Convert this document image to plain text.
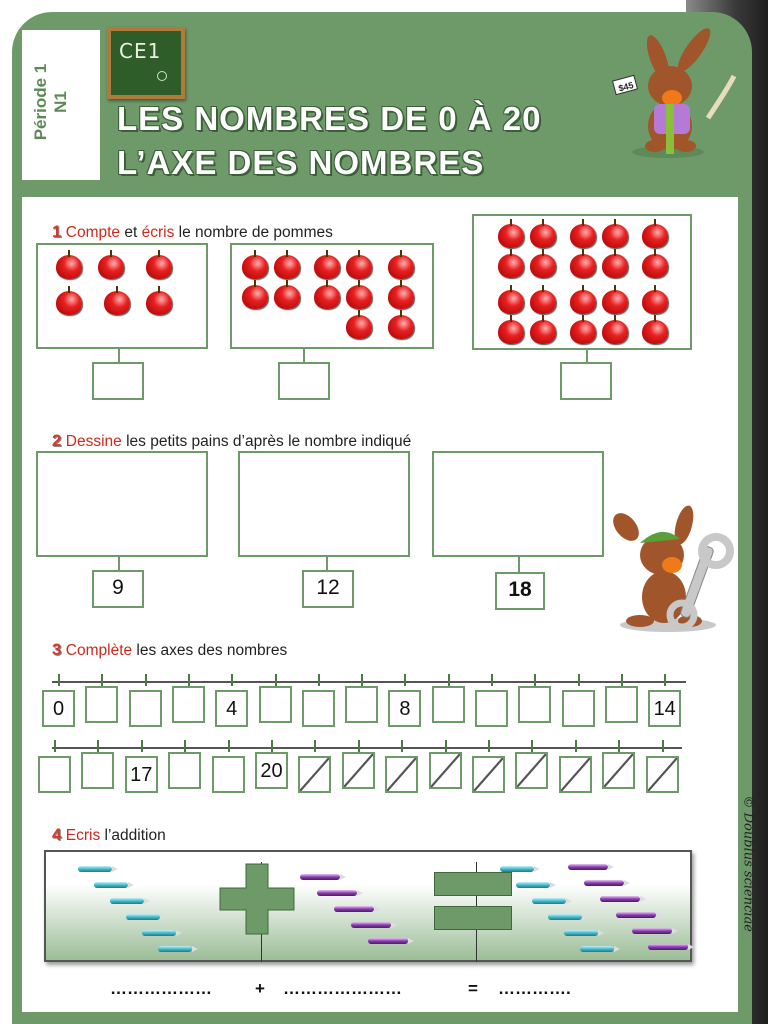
Période 1 N1
CE1
LES NOMBRES DE 0 À 20
L’AXE DES NOMBRES
$45
1 Compte et écris le nombre de pommes
2 Dessine les petits pains d’après le nombre indiqué
9	12	18
3 Complète les axes des nombres
0	4	8	14
17	20
4 Ecris l’addition
………………	+ …………………	= ………….
© Doublus scienciae
